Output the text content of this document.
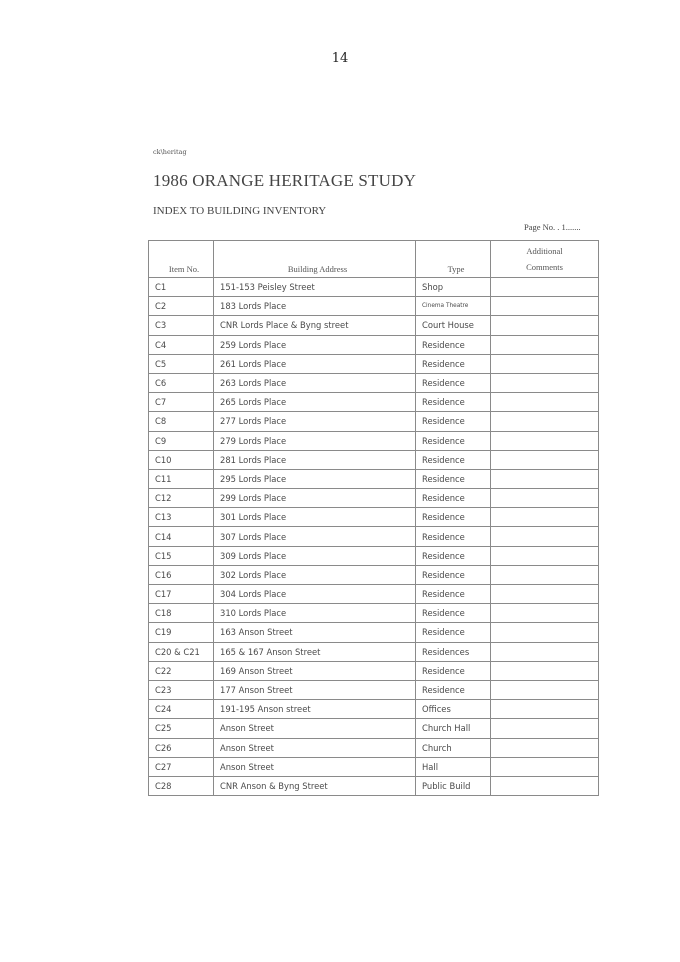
14
ck\heritag
1986 ORANGE HERITAGE STUDY
INDEX TO BUILDING INVENTORY
Page No. . 1.......
Item No.	Building Address	Type	Additional
Comments

C1	151-153 Peisley Street	Shop	
C2	183 Lords Place	Cinema Theatre	
C3	CNR Lords Place & Byng street	Court House	
C4	259 Lords Place	Residence	
C5	261 Lords Place	Residence	
C6	263 Lords Place	Residence	
C7	265 Lords Place	Residence	
C8	277 Lords Place	Residence	
C9	279 Lords Place	Residence	
C10	281 Lords Place	Residence	
C11	295 Lords Place	Residence	
C12	299 Lords Place	Residence	
C13	301 Lords Place	Residence	
C14	307 Lords Place	Residence	
C15	309 Lords Place	Residence	
C16	302 Lords Place	Residence	
C17	304 Lords Place	Residence	
C18	310 Lords Place	Residence	
C19	163 Anson Street	Residence	
C20 & C21	165 & 167 Anson Street	Residences	
C22	169 Anson Street	Residence	
C23	177 Anson Street	Residence	
C24	191-195 Anson street	Offices	
C25	Anson Street	Church Hall	
C26	Anson Street	Church	
C27	Anson Street	Hall	
C28	CNR Anson & Byng Street	Public Build	
